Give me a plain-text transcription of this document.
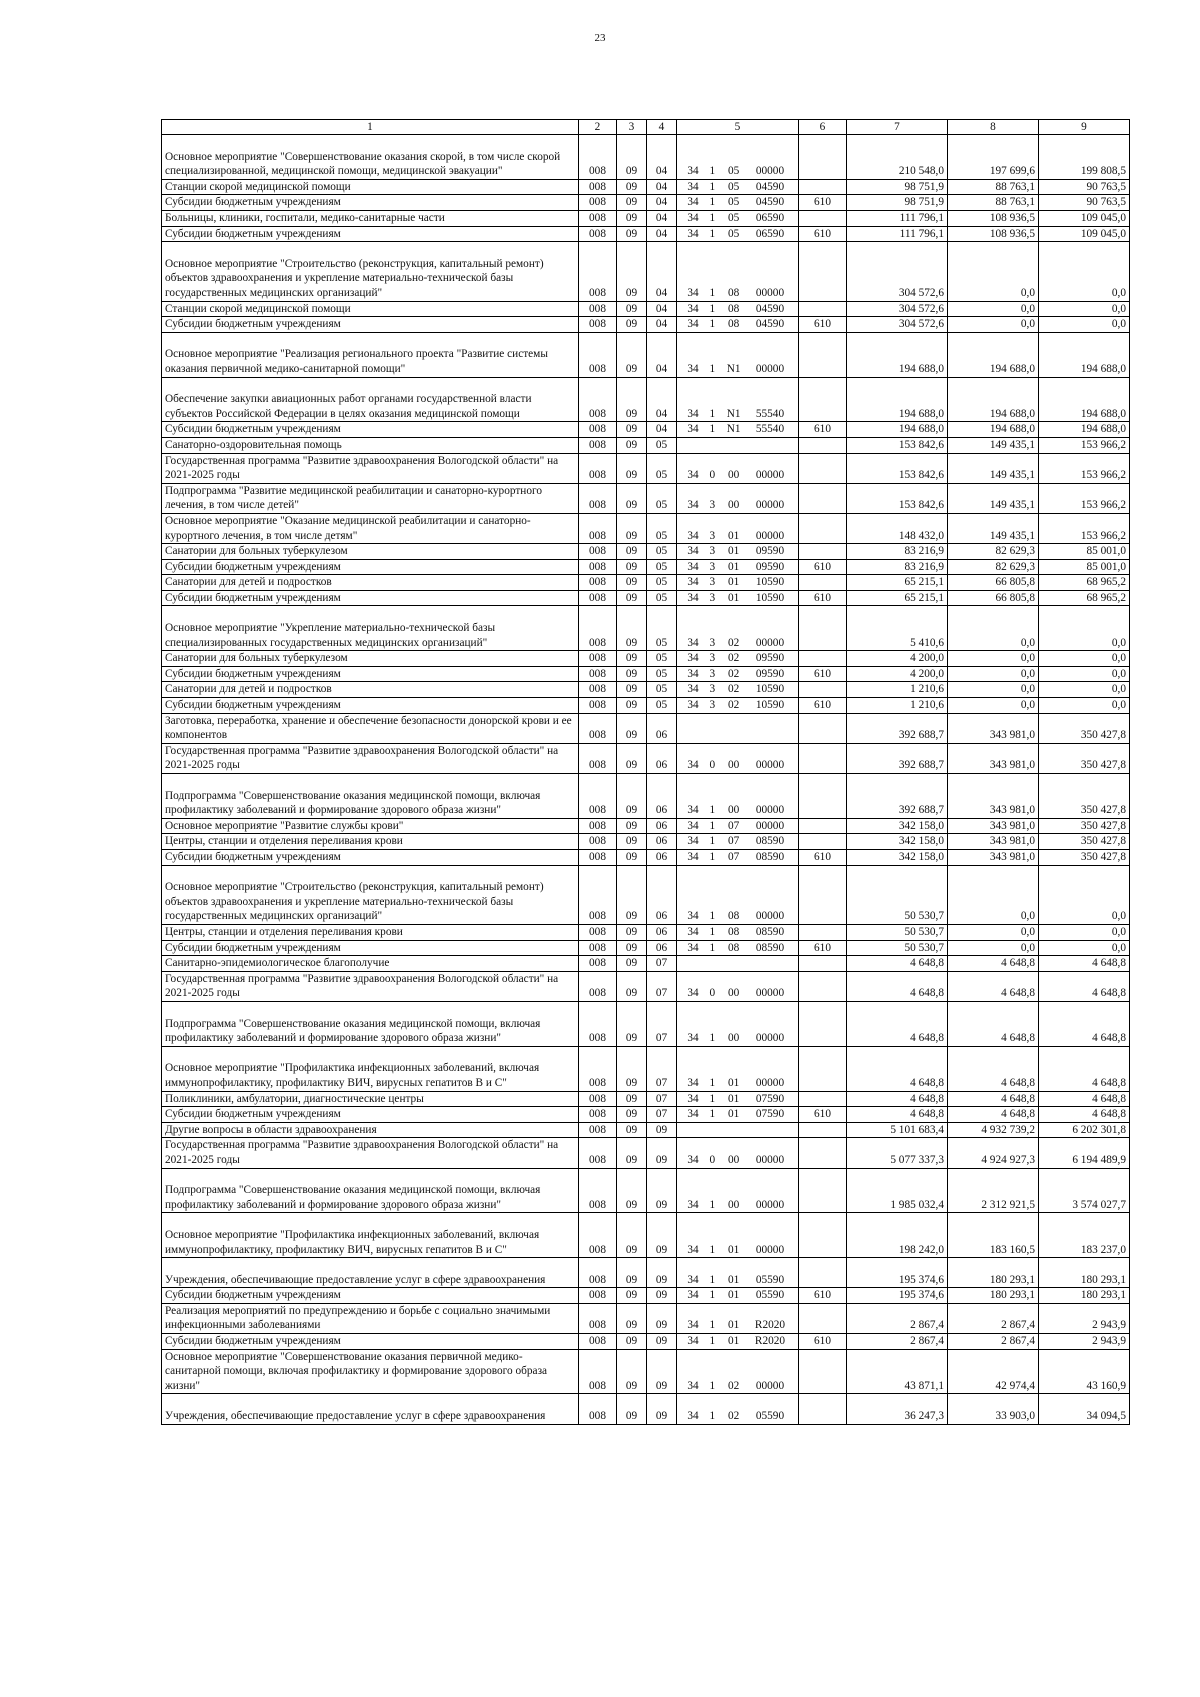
23
1	2	3	4	5	6	7	8	9
Основное мероприятие "Совершенствование оказания скорой, в том числе скорой специализированной, медицинской помощи, медицинской эвакуации"	008	09	04	34 1 05 00000		210 548,0	197 699,6	199 808,5
Станции скорой медицинской помощи	008	09	04	34 1 05 04590		98 751,9	88 763,1	90 763,5
Субсидии бюджетным учреждениям	008	09	04	34 1 05 04590	610	98 751,9	88 763,1	90 763,5
Больницы, клиники, госпитали, медико-санитарные части	008	09	04	34 1 05 06590		111 796,1	108 936,5	109 045,0
Субсидии бюджетным учреждениям	008	09	04	34 1 05 06590	610	111 796,1	108 936,5	109 045,0
Основное мероприятие "Строительство (реконструкция, капитальный ремонт) объектов здравоохранения и укрепление материально-технической базы государственных медицинских организаций"	008	09	04	34 1 08 00000		304 572,6	0,0	0,0
Станции скорой медицинской помощи	008	09	04	34 1 08 04590		304 572,6	0,0	0,0
Субсидии бюджетным учреждениям	008	09	04	34 1 08 04590	610	304 572,6	0,0	0,0
Основное мероприятие "Реализация регионального проекта "Развитие системы оказания первичной медико-санитарной помощи"	008	09	04	34 1 N1 00000		194 688,0	194 688,0	194 688,0
Обеспечение закупки авиационных работ органами государственной власти субъектов Российской Федерации в целях оказания медицинской помощи	008	09	04	34 1 N1 55540		194 688,0	194 688,0	194 688,0
Субсидии бюджетным учреждениям	008	09	04	34 1 N1 55540	610	194 688,0	194 688,0	194 688,0
Санаторно-оздоровительная помощь	008	09	05			153 842,6	149 435,1	153 966,2
Государственная программа "Развитие здравоохранения Вологодской области" на 2021-2025 годы	008	09	05	34 0 00 00000		153 842,6	149 435,1	153 966,2
Подпрограмма "Развитие медицинской реабилитации и санаторно-курортного лечения, в том числе детей"	008	09	05	34 3 00 00000		153 842,6	149 435,1	153 966,2
Основное мероприятие "Оказание медицинской реабилитации и санаторно-курортного лечения, в том числе детям"	008	09	05	34 3 01 00000		148 432,0	149 435,1	153 966,2
Санатории для больных туберкулезом	008	09	05	34 3 01 09590		83 216,9	82 629,3	85 001,0
Субсидии бюджетным учреждениям	008	09	05	34 3 01 09590	610	83 216,9	82 629,3	85 001,0
Санатории для детей и подростков	008	09	05	34 3 01 10590		65 215,1	66 805,8	68 965,2
Субсидии бюджетным учреждениям	008	09	05	34 3 01 10590	610	65 215,1	66 805,8	68 965,2
Основное мероприятие "Укрепление материально-технической базы специализированных государственных медицинских организаций"	008	09	05	34 3 02 00000		5 410,6	0,0	0,0
Санатории для больных туберкулезом	008	09	05	34 3 02 09590		4 200,0	0,0	0,0
Субсидии бюджетным учреждениям	008	09	05	34 3 02 09590	610	4 200,0	0,0	0,0
Санатории для детей и подростков	008	09	05	34 3 02 10590		1 210,6	0,0	0,0
Субсидии бюджетным учреждениям	008	09	05	34 3 02 10590	610	1 210,6	0,0	0,0
Заготовка, переработка, хранение и обеспечение безопасности донорской крови и ее компонентов	008	09	06			392 688,7	343 981,0	350 427,8
Государственная программа "Развитие здравоохранения Вологодской области" на 2021-2025 годы	008	09	06	34 0 00 00000		392 688,7	343 981,0	350 427,8
Подпрограмма "Совершенствование оказания медицинской помощи, включая профилактику заболеваний и формирование здорового образа жизни"	008	09	06	34 1 00 00000		392 688,7	343 981,0	350 427,8
Основное мероприятие "Развитие службы крови"	008	09	06	34 1 07 00000		342 158,0	343 981,0	350 427,8
Центры, станции и отделения переливания крови	008	09	06	34 1 07 08590		342 158,0	343 981,0	350 427,8
Субсидии бюджетным учреждениям	008	09	06	34 1 07 08590	610	342 158,0	343 981,0	350 427,8
Основное мероприятие "Строительство (реконструкция, капитальный ремонт) объектов здравоохранения и укрепление материально-технической базы государственных медицинских организаций"	008	09	06	34 1 08 00000		50 530,7	0,0	0,0
Центры, станции и отделения переливания крови	008	09	06	34 1 08 08590		50 530,7	0,0	0,0
Субсидии бюджетным учреждениям	008	09	06	34 1 08 08590	610	50 530,7	0,0	0,0
Санитарно-эпидемиологическое благополучие	008	09	07			4 648,8	4 648,8	4 648,8
Государственная программа "Развитие здравоохранения Вологодской области" на 2021-2025 годы	008	09	07	34 0 00 00000		4 648,8	4 648,8	4 648,8
Подпрограмма "Совершенствование оказания медицинской помощи, включая профилактику заболеваний и формирование здорового образа жизни"	008	09	07	34 1 00 00000		4 648,8	4 648,8	4 648,8
Основное мероприятие "Профилактика инфекционных заболеваний, включая иммунопрофилактику, профилактику ВИЧ, вирусных гепатитов В и С"	008	09	07	34 1 01 00000		4 648,8	4 648,8	4 648,8
Поликлиники, амбулатории, диагностические центры	008	09	07	34 1 01 07590		4 648,8	4 648,8	4 648,8
Субсидии бюджетным учреждениям	008	09	07	34 1 01 07590	610	4 648,8	4 648,8	4 648,8
Другие вопросы в области здравоохранения	008	09	09			5 101 683,4	4 932 739,2	6 202 301,8
Государственная программа "Развитие здравоохранения Вологодской области" на 2021-2025 годы	008	09	09	34 0 00 00000		5 077 337,3	4 924 927,3	6 194 489,9
Подпрограмма "Совершенствование оказания медицинской помощи, включая профилактику заболеваний и формирование здорового образа жизни"	008	09	09	34 1 00 00000		1 985 032,4	2 312 921,5	3 574 027,7
Основное мероприятие "Профилактика инфекционных заболеваний, включая иммунопрофилактику, профилактику ВИЧ, вирусных гепатитов В и С"	008	09	09	34 1 01 00000		198 242,0	183 160,5	183 237,0
Учреждения, обеспечивающие предоставление услуг в сфере здравоохранения	008	09	09	34 1 01 05590		195 374,6	180 293,1	180 293,1
Субсидии бюджетным учреждениям	008	09	09	34 1 01 05590	610	195 374,6	180 293,1	180 293,1
Реализация мероприятий по предупреждению и борьбе с социально значимыми инфекционными заболеваниями	008	09	09	34 1 01 R2020		2 867,4	2 867,4	2 943,9
Субсидии бюджетным учреждениям	008	09	09	34 1 01 R2020	610	2 867,4	2 867,4	2 943,9
Основное мероприятие "Совершенствование оказания первичной медико-санитарной помощи, включая профилактику и формирование здорового образа жизни"	008	09	09	34 1 02 00000		43 871,1	42 974,4	43 160,9
Учреждения, обеспечивающие предоставление услуг в сфере здравоохранения	008	09	09	34 1 02 05590		36 247,3	33 903,0	34 094,5
